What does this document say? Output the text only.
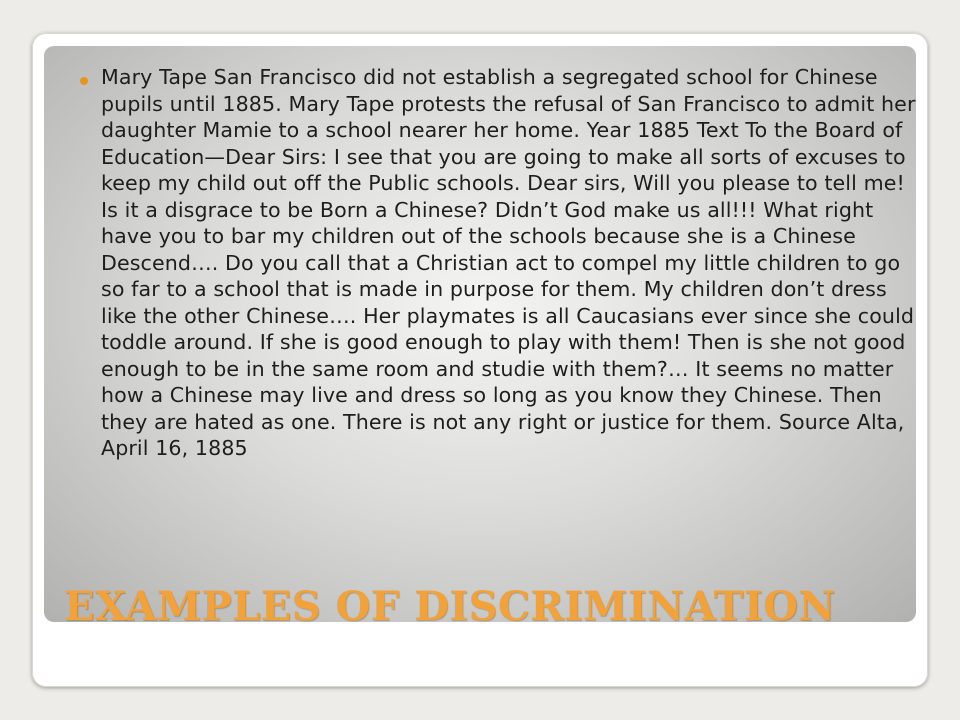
Mary Tape San Francisco did not establish a segregated school for Chinese pupils until 1885. Mary Tape protests the refusal of San Francisco to admit her daughter Mamie to a school nearer her home. Year 1885 Text To the Board of Education—Dear Sirs: I see that you are going to make all sorts of excuses to keep my child out off the Public schools. Dear sirs, Will you please to tell me! Is it a disgrace to be Born a Chinese? Didn’t God make us all!!! What right have you to bar my children out of the schools because she is a Chinese Descend…. Do you call that a Christian act to compel my little children to go so far to a school that is made in purpose for them. My children don’t dress like the other Chinese…. Her playmates is all Caucasians ever since she could toddle around. If she is good enough to play with them! Then is she not good enough to be in the same room and studie with them?… It seems no matter how a Chinese may live and dress so long as you know they Chinese. Then they are hated as one. There is not any right or justice for them. Source Alta, April 16, 1885

EXAMPLES OF DISCRIMINATION
